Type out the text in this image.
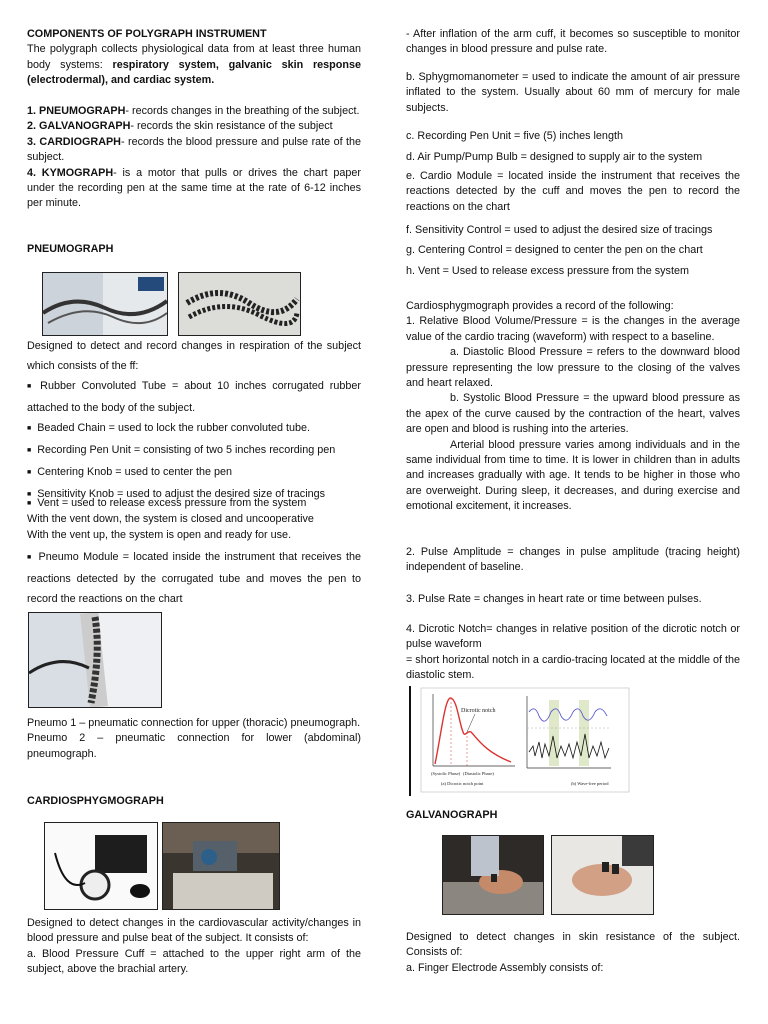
COMPONENTS OF POLYGRAPH INSTRUMENT
The polygraph collects physiological data from at least three human body systems: respiratory system, galvanic skin response (electrodermal), and cardiac system.

1. PNEUMOGRAPH- records changes in the breathing of the subject.
2. GALVANOGRAPH- records the skin resistance of the subject
3. CARDIOGRAPH- records the blood pressure and pulse rate of the subject.
4. KYMOGRAPH- is a motor that pulls or drives the chart paper under the recording pen at the same time at the rate of 6-12 inches per minute.

PNEUMOGRAPH

Designed to detect and record changes in respiration of the subject which consists of the ff:

■ Rubber Convoluted Tube = about 10 inches corrugated rubber attached to the body of the subject.
■ Beaded Chain = used to lock the rubber convoluted tube.
■ Recording Pen Unit = consisting of two 5 inches recording pen
■ Centering Knob = used to center the pen
■ Sensitivity Knob = used to adjust the desired size of tracings
■ Vent = used to release excess pressure from the system
With the vent down, the system is closed and uncooperative
With the vent up, the system is open and ready for use.

■ Pneumo Module = located inside the instrument that receives the reactions detected by the corrugated tube and moves the pen to record the reactions on the chart

Pneumo 1 – pneumatic connection for upper (thoracic) pneumograph.
Pneumo 2 – pneumatic connection for lower (abdominal) pneumograph.

CARDIOSPHYGMOGRAPH

Designed to detect changes in the cardiovascular activity/changes in blood pressure and pulse beat of the subject. It consists of:
a. Blood Pressure Cuff = attached to the upper right arm of the subject, above the brachial artery.

- After inflation of the arm cuff, it becomes so susceptible to monitor changes in blood pressure and pulse rate.

b. Sphygmomanometer = used to indicate the amount of air pressure inflated to the system. Usually about 60 mm of mercury for male subjects.

c. Recording Pen Unit = five (5) inches length

d. Air Pump/Pump Bulb = designed to supply air to the system

e. Cardio Module = located inside the instrument that receives the reactions detected by the cuff and moves the pen to record the reactions on the chart

f. Sensitivity Control = used to adjust the desired size of tracings

g. Centering Control = designed to center the pen on the chart

h. Vent = Used to release excess pressure from the system

Cardiosphygmograph provides a record of the following:
1. Relative Blood Volume/Pressure = is the changes in the average value of the cardio tracing (waveform) with respect to a baseline.
a. Diastolic Blood Pressure = refers to the downward blood pressure representing the low pressure to the closing of the valves and heart relaxed.
b. Systolic Blood Pressure = the upward blood pressure as the apex of the curve caused by the contraction of the heart, valves are open and blood is rushing into the arteries.
Arterial blood pressure varies among individuals and in the same individual from time to time. It is lower in children than in adults and increases gradually with age. It tends to be higher in those who are overweight. During sleep, it decreases, and during exercise and emotional excitement, it increases.

2. Pulse Amplitude = changes in pulse amplitude (tracing height) independent of baseline.

3. Pulse Rate = changes in heart rate or time between pulses.

4. Dicrotic Notch= changes in relative position of the dicrotic notch or pulse waveform
= short horizontal notch in a cardio-tracing located at the middle of the diastolic stem.

Dicrotic notch
(Systolic Phase) (Diastolic Phase)
(a) Dicrotic notch point	(b) Wave-free period

GALVANOGRAPH

Designed to detect changes in skin resistance of the subject. Consists of:
a. Finger Electrode Assembly consists of:
